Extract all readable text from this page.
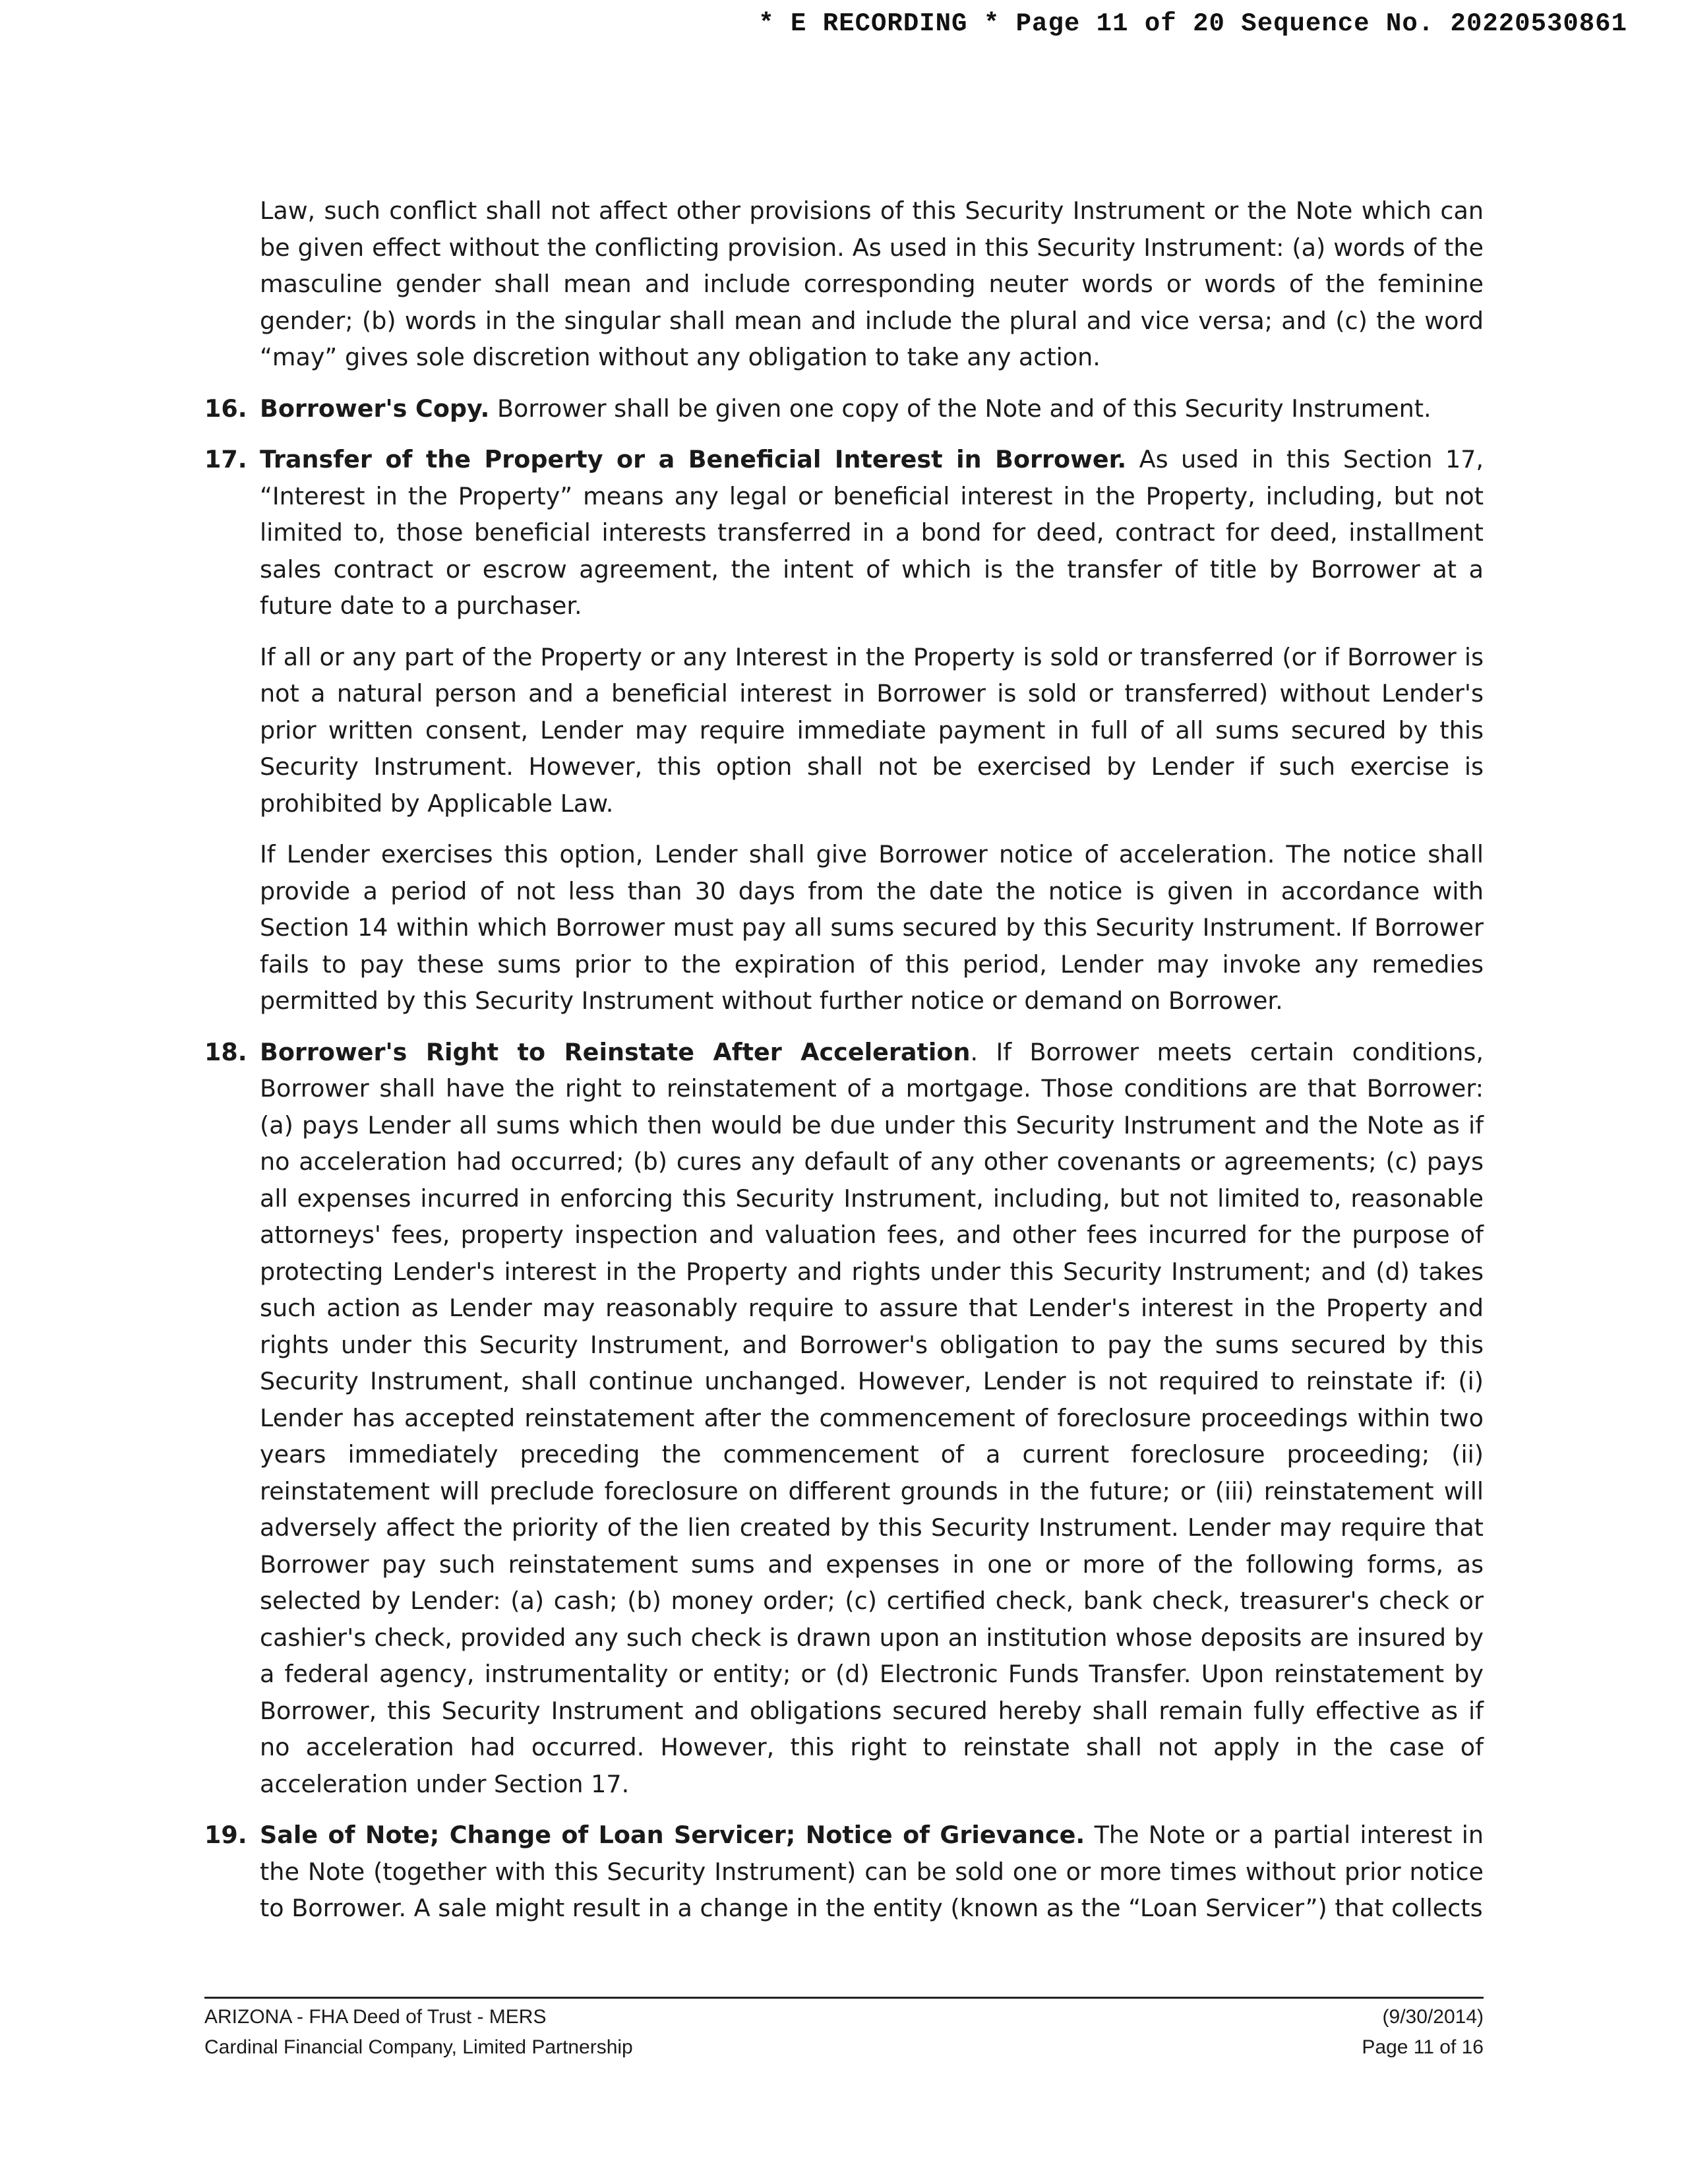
* E RECORDING * Page 11 of 20 Sequence No. 20220530861

Law, such conflict shall not affect other provisions of this Security Instrument or the Note which can be given effect without the conflicting provision. As used in this Security Instrument: (a) words of the masculine gender shall mean and include corresponding neuter words or words of the feminine gender; (b) words in the singular shall mean and include the plural and vice versa; and (c) the word “may” gives sole discretion without any obligation to take any action.

16. Borrower's Copy. Borrower shall be given one copy of the Note and of this Security Instrument.

17. Transfer of the Property or a Beneficial Interest in Borrower. As used in this Section 17, “Interest in the Property” means any legal or beneficial interest in the Property, including, but not limited to, those beneficial interests transferred in a bond for deed, contract for deed, installment sales contract or escrow agreement, the intent of which is the transfer of title by Borrower at a future date to a purchaser.

If all or any part of the Property or any Interest in the Property is sold or transferred (or if Borrower is not a natural person and a beneficial interest in Borrower is sold or transferred) without Lender's prior written consent, Lender may require immediate payment in full of all sums secured by this Security Instrument. However, this option shall not be exercised by Lender if such exercise is prohibited by Applicable Law.

If Lender exercises this option, Lender shall give Borrower notice of acceleration. The notice shall provide a period of not less than 30 days from the date the notice is given in accordance with Section 14 within which Borrower must pay all sums secured by this Security Instrument. If Borrower fails to pay these sums prior to the expiration of this period, Lender may invoke any remedies permitted by this Security Instrument without further notice or demand on Borrower.

18. Borrower's Right to Reinstate After Acceleration. If Borrower meets certain conditions, Borrower shall have the right to reinstatement of a mortgage. Those conditions are that Borrower: (a) pays Lender all sums which then would be due under this Security Instrument and the Note as if no acceleration had occurred; (b) cures any default of any other covenants or agreements; (c) pays all expenses incurred in enforcing this Security Instrument, including, but not limited to, reasonable attorneys' fees, property inspection and valuation fees, and other fees incurred for the purpose of protecting Lender's interest in the Property and rights under this Security Instrument; and (d) takes such action as Lender may reasonably require to assure that Lender's interest in the Property and rights under this Security Instrument, and Borrower's obligation to pay the sums secured by this Security Instrument, shall continue unchanged. However, Lender is not required to reinstate if: (i) Lender has accepted reinstatement after the commencement of foreclosure proceedings within two years immediately preceding the commencement of a current foreclosure proceeding; (ii) reinstatement will preclude foreclosure on different grounds in the future; or (iii) reinstatement will adversely affect the priority of the lien created by this Security Instrument. Lender may require that Borrower pay such reinstatement sums and expenses in one or more of the following forms, as selected by Lender: (a) cash; (b) money order; (c) certified check, bank check, treasurer's check or cashier's check, provided any such check is drawn upon an institution whose deposits are insured by a federal agency, instrumentality or entity; or (d) Electronic Funds Transfer. Upon reinstatement by Borrower, this Security Instrument and obligations secured hereby shall remain fully effective as if no acceleration had occurred. However, this right to reinstate shall not apply in the case of acceleration under Section 17.

19. Sale of Note; Change of Loan Servicer; Notice of Grievance. The Note or a partial interest in the Note (together with this Security Instrument) can be sold one or more times without prior notice to Borrower. A sale might result in a change in the entity (known as the “Loan Servicer”) that collects

ARIZONA - FHA Deed of Trust - MERS
Cardinal Financial Company, Limited Partnership
(9/30/2014)
Page 11 of 16
